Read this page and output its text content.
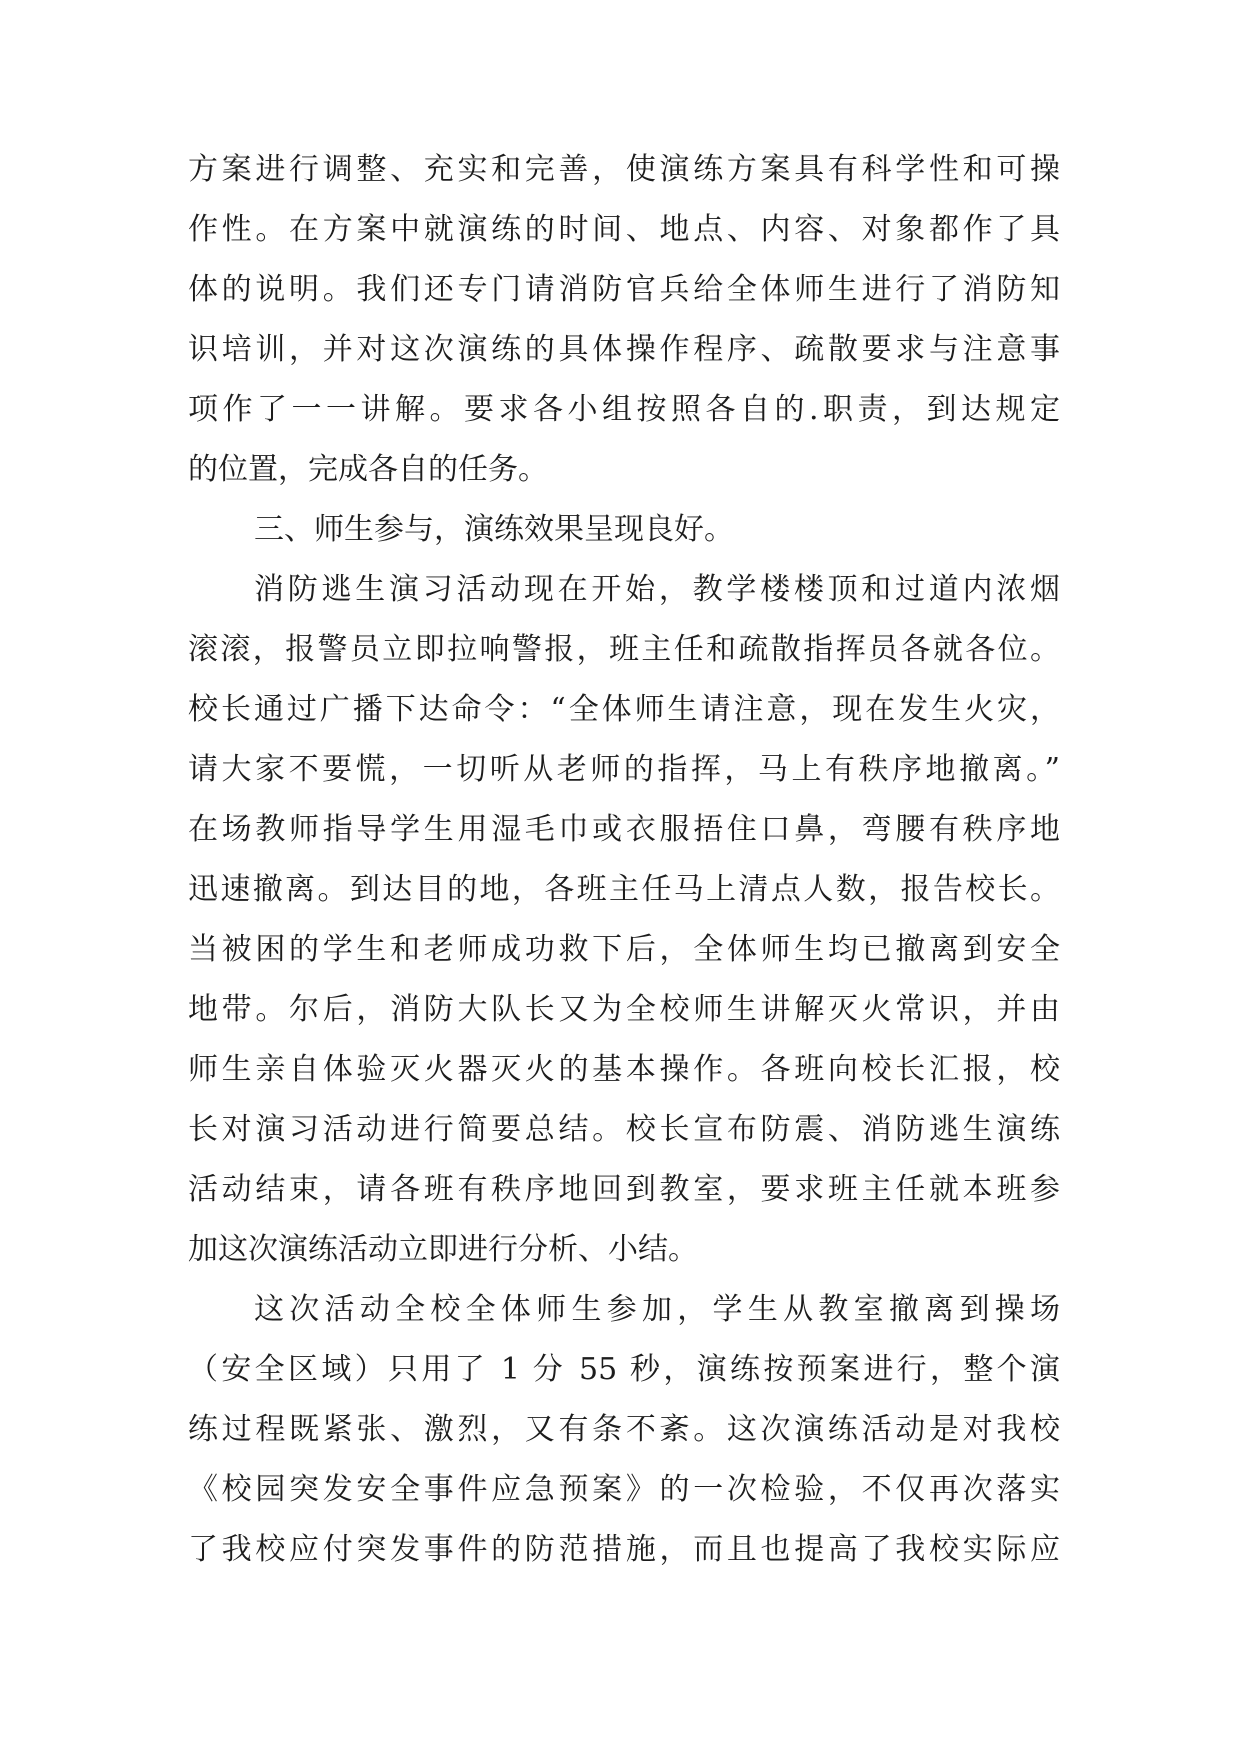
方案进行调整、充实和完善，使演练方案具有科学性和可操

作性。在方案中就演练的时间、地点、内容、对象都作了具

体的说明。我们还专门请消防官兵给全体师生进行了消防知

识培训，并对这次演练的具体操作程序、疏散要求与注意事

项作了一一讲解。要求各小组按照各自的.职责，到达规定

的位置，完成各自的任务。

三、师生参与，演练效果呈现良好。

消防逃生演习活动现在开始，教学楼楼顶和过道内浓烟

滚滚，报警员立即拉响警报，班主任和疏散指挥员各就各位。

校长通过广播下达命令：“全体师生请注意，现在发生火灾，

请大家不要慌，一切听从老师的指挥，马上有秩序地撤离。”

在场教师指导学生用湿毛巾或衣服捂住口鼻，弯腰有秩序地

迅速撤离。到达目的地，各班主任马上清点人数，报告校长。

当被困的学生和老师成功救下后，全体师生均已撤离到安全

地带。尔后，消防大队长又为全校师生讲解灭火常识，并由

师生亲自体验灭火器灭火的基本操作。各班向校长汇报，校

长对演习活动进行简要总结。校长宣布防震、消防逃生演练

活动结束，请各班有秩序地回到教室，要求班主任就本班参

加这次演练活动立即进行分析、小结。

这次活动全校全体师生参加，学生从教室撤离到操场

（安全区域）只用了 1 分 55 秒，演练按预案进行，整个演

练过程既紧张、激烈，又有条不紊。这次演练活动是对我校

《校园突发安全事件应急预案》的一次检验，不仅再次落实

了我校应付突发事件的防范措施，而且也提高了我校实际应
